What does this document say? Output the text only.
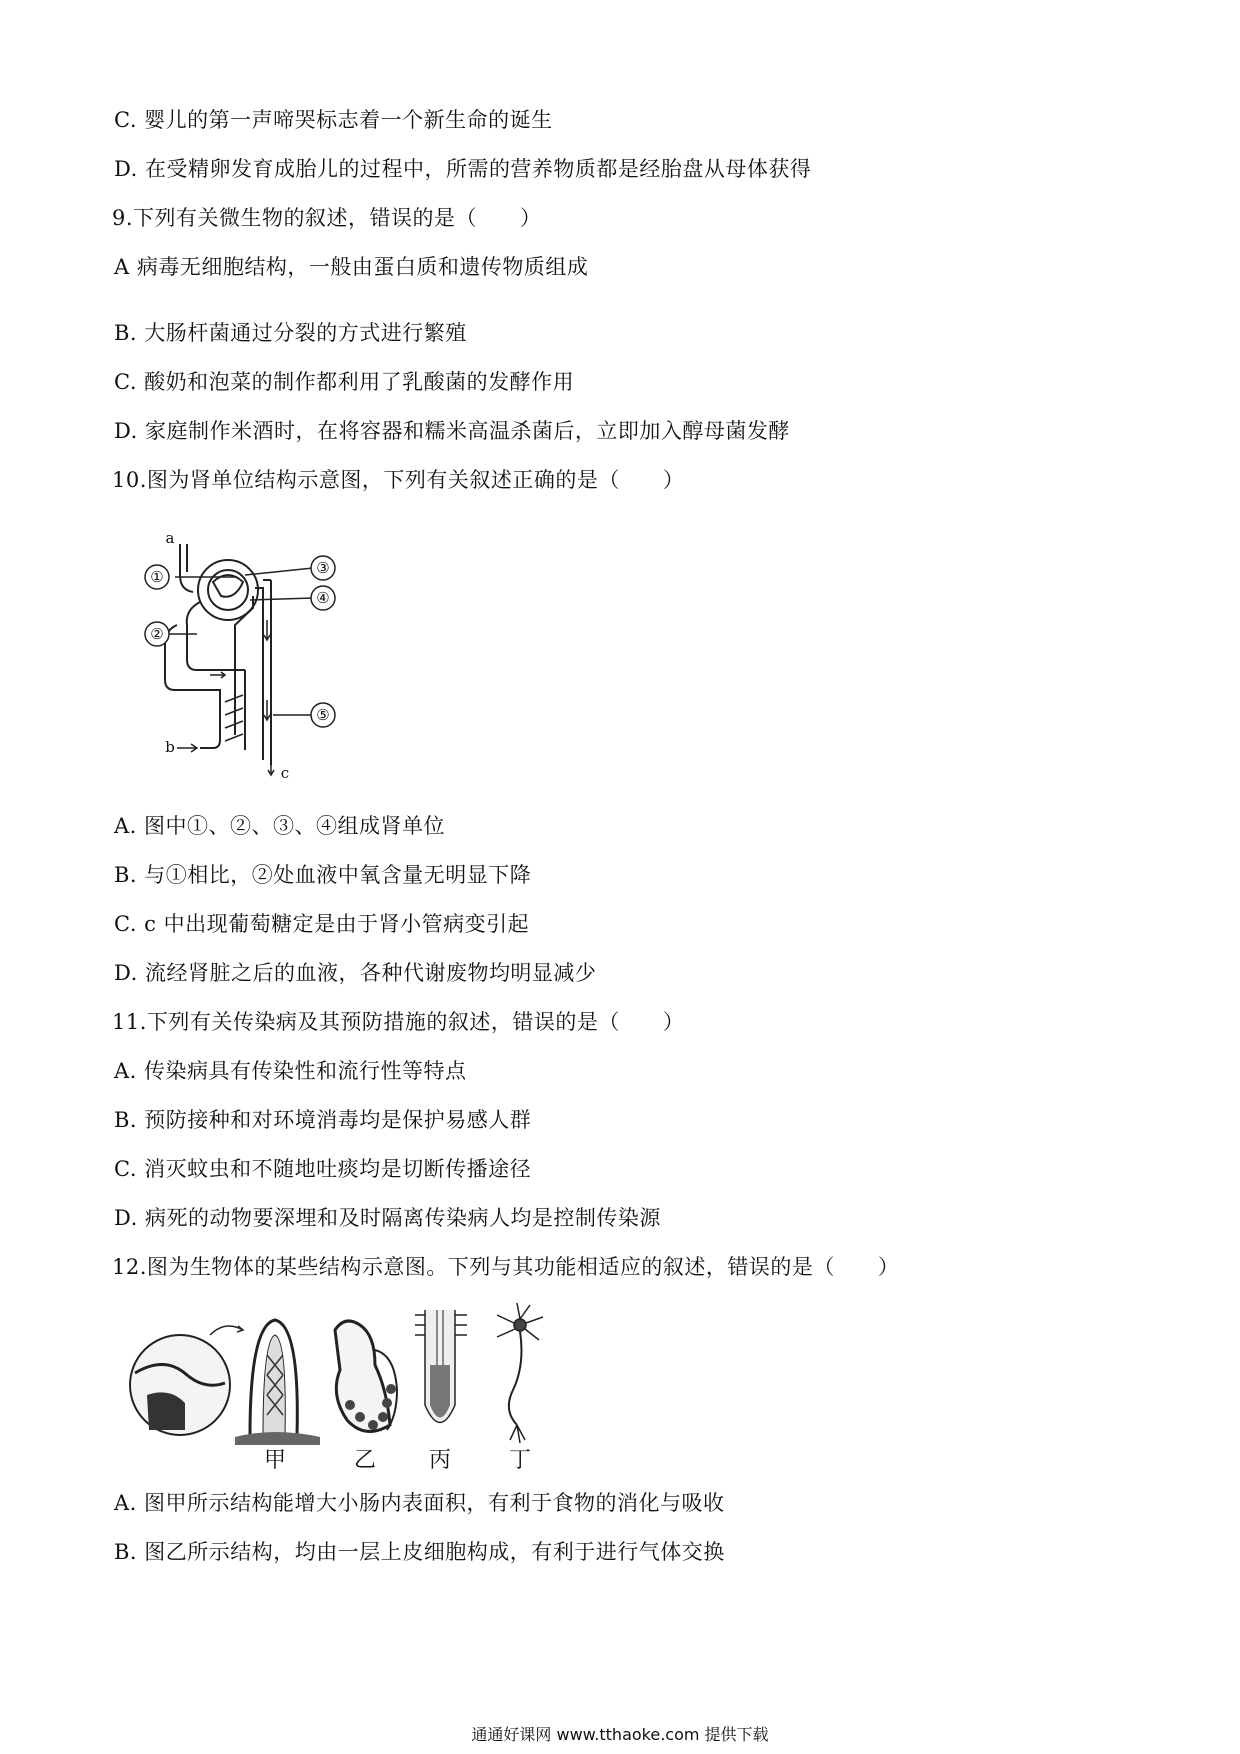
C. 婴儿的第一声啼哭标志着一个新生命的诞生
D. 在受精卵发育成胎儿的过程中，所需的营养物质都是经胎盘从母体获得
9.下列有关微生物的叙述，错误的是（　　）
A 病毒无细胞结构，一般由蛋白质和遗传物质组成
B. 大肠杆菌通过分裂的方式进行繁殖
C. 酸奶和泡菜的制作都利用了乳酸菌的发酵作用
D. 家庭制作米酒时，在将容器和糯米高温杀菌后，立即加入醇母菌发酵
10.图为肾单位结构示意图，下列有关叙述正确的是（　　）
①
②
③
④
⑤
a
b
c
A. 图中①、②、③、④组成肾单位
B. 与①相比，②处血液中氧含量无明显下降
C. c 中出现葡萄糖定是由于肾小管病变引起
D. 流经肾脏之后的血液，各种代谢废物均明显减少
11.下列有关传染病及其预防措施的叙述，错误的是（　　）
A. 传染病具有传染性和流行性等特点
B. 预防接种和对环境消毒均是保护易感人群
C. 消灭蚊虫和不随地吐痰均是切断传播途径
D. 病死的动物要深埋和及时隔离传染病人均是控制传染源
12.图为生物体的某些结构示意图。下列与其功能相适应的叙述，错误的是（　　）
甲	乙 丙	丁
A. 图甲所示结构能增大小肠内表面积，有利于食物的消化与吸收
B. 图乙所示结构，均由一层上皮细胞构成，有利于进行气体交换
通通好课网 www.tthaoke.com 提供下载
